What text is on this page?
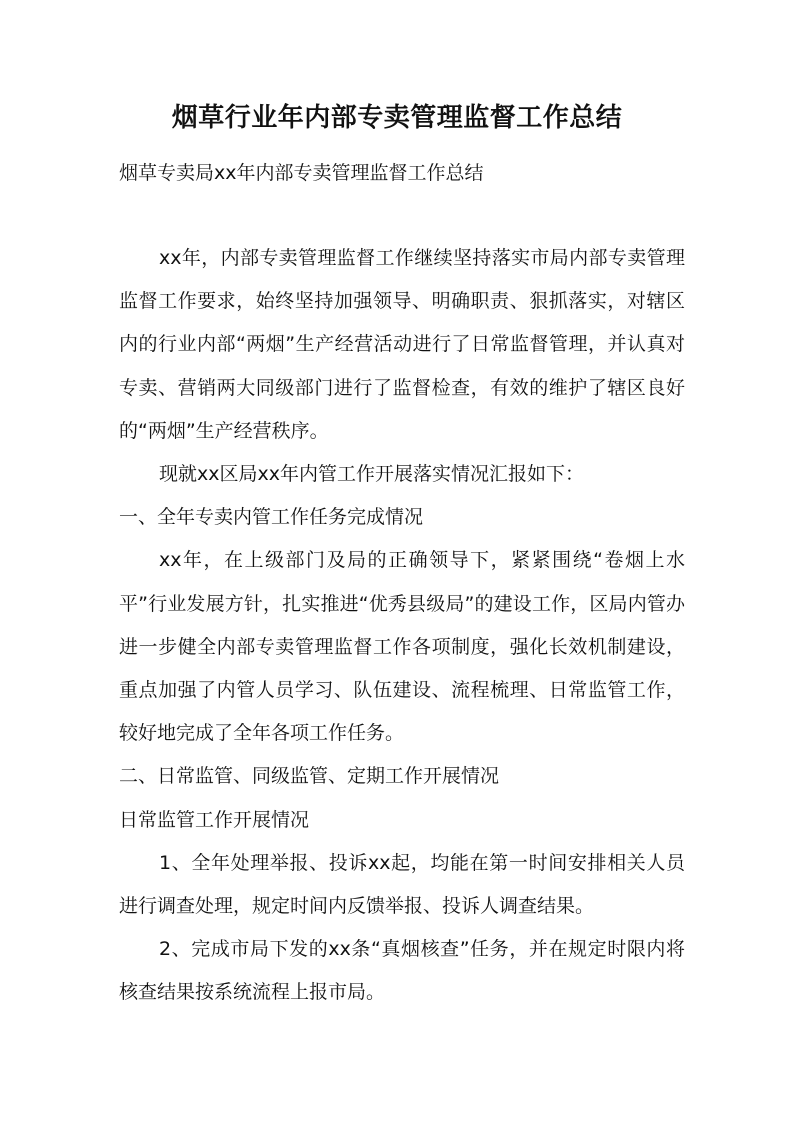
烟草行业年内部专卖管理监督工作总结
烟草专卖局xx年内部专卖管理监督工作总结

xx年，内部专卖管理监督工作继续坚持落实市局内部专卖管理监督工作要求，始终坚持加强领导、明确职责、狠抓落实，对辖区内的行业内部“两烟”生产经营活动进行了日常监督管理，并认真对专卖、营销两大同级部门进行了监督检查，有效的维护了辖区良好的“两烟”生产经营秩序。

现就xx区局xx年内管工作开展落实情况汇报如下：

一、全年专卖内管工作任务完成情况

xx年，在上级部门及局的正确领导下，紧紧围绕“卷烟上水平”行业发展方针，扎实推进“优秀县级局”的建设工作，区局内管办进一步健全内部专卖管理监督工作各项制度，强化长效机制建设，重点加强了内管人员学习、队伍建设、流程梳理、日常监管工作，较好地完成了全年各项工作任务。

二、日常监管、同级监管、定期工作开展情况

日常监管工作开展情况

1、全年处理举报、投诉xx起，均能在第一时间安排相关人员进行调查处理，规定时间内反馈举报、投诉人调查结果。

2、完成市局下发的xx条“真烟核查”任务，并在规定时限内将核查结果按系统流程上报市局。
